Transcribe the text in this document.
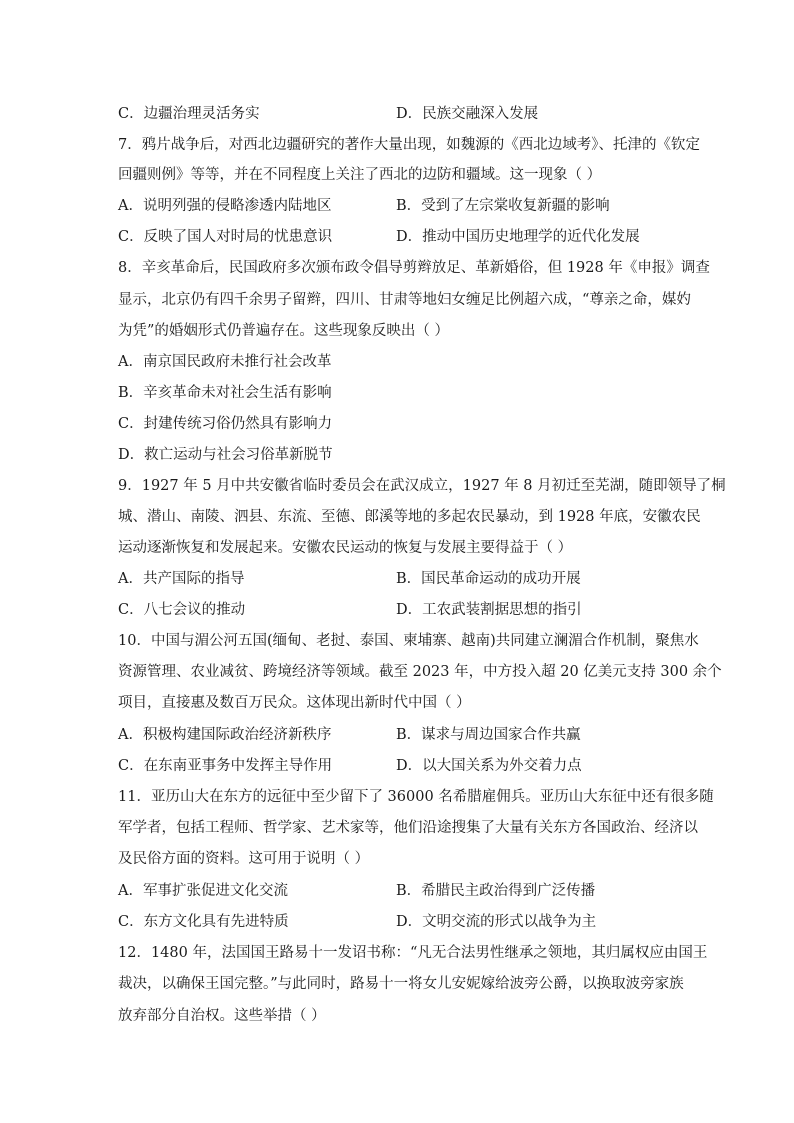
C．边疆治理灵活务实	D．民族交融深入发展
7．鸦片战争后，对西北边疆研究的著作大量出现，如魏源的《西北边域考》、托津的《钦定
回疆则例》等等，并在不同程度上关注了西北的边防和疆域。这一现象（ ）
A．说明列强的侵略渗透内陆地区	B．受到了左宗棠收复新疆的影响
C．反映了国人对时局的忧患意识	D．推动中国历史地理学的近代化发展
8．辛亥革命后，民国政府多次颁布政令倡导剪辫放足、革新婚俗，但 1928 年《申报》调查
显示，北京仍有四千余男子留辫，四川、甘肃等地妇女缠足比例超六成，“尊亲之命，媒妁
为凭”的婚姻形式仍普遍存在。这些现象反映出（ ）
A．南京国民政府未推行社会改革
B．辛亥革命未对社会生活有影响
C．封建传统习俗仍然具有影响力
D．救亡运动与社会习俗革新脱节
9．1927 年 5 月中共安徽省临时委员会在武汉成立，1927 年 8 月初迁至芜湖，随即领导了桐
城、潜山、南陵、泗县、东流、至德、郎溪等地的多起农民暴动，到 1928 年底，安徽农民
运动逐渐恢复和发展起来。安徽农民运动的恢复与发展主要得益于（ ）
A．共产国际的指导	B．国民革命运动的成功开展
C．八七会议的推动	D．工农武装割据思想的指引
10．中国与湄公河五国(缅甸、老挝、泰国、柬埔寨、越南)共同建立澜湄合作机制，聚焦水
资源管理、农业减贫、跨境经济等领域。截至 2023 年，中方投入超 20 亿美元支持 300 余个
项目，直接惠及数百万民众。这体现出新时代中国（ ）
A．积极构建国际政治经济新秩序	B．谋求与周边国家合作共赢
C．在东南亚事务中发挥主导作用	D．以大国关系为外交着力点
11．亚历山大在东方的远征中至少留下了 36000 名希腊雇佣兵。亚历山大东征中还有很多随
军学者，包括工程师、哲学家、艺术家等，他们沿途搜集了大量有关东方各国政治、经济以
及民俗方面的资料。这可用于说明（ ）
A．军事扩张促进文化交流	B．希腊民主政治得到广泛传播
C．东方文化具有先进特质	D．文明交流的形式以战争为主
12．1480 年，法国国王路易十一发诏书称：“凡无合法男性继承之领地，其归属权应由国王
裁决，以确保王国完整。”与此同时，路易十一将女儿安妮嫁给波旁公爵，以换取波旁家族
放弃部分自治权。这些举措（ ）
